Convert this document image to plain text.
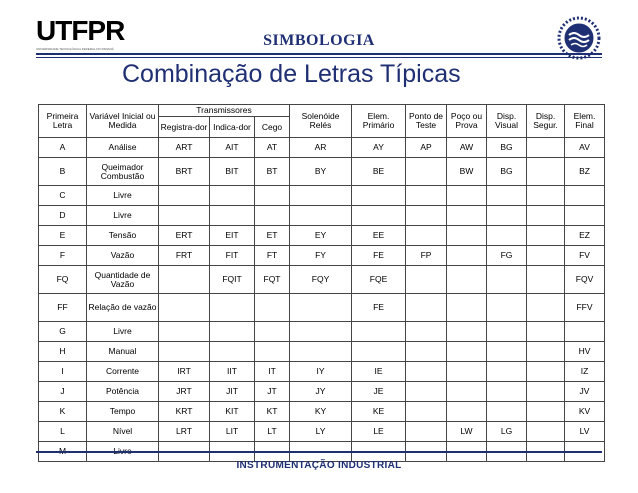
UTFPR
UNIVERSIDADE TECNOLÓGICA FEDERAL DO PARANÁ	SIMBOLOGIA
Combinação de Letras Típicas
Primeira Letra	Variável Inicial ou Medida	Transmissores			Solenóide Relés	Elem. Primário	Ponto de Teste	Poço ou Prova	Disp. Visual	Disp. Segur.	Elem. Final
		Registra-dor	Indica-dor	Cego							
A	Análise	ART	AIT	AT	AR	AY	AP	AW	BG		AV
B	Queimador Combustão	BRT	BIT	BT	BY	BE		BW	BG		BZ
C	Livre										
D	Livre										
E	Tensão	ERT	EIT	ET	EY	EE					EZ
F	Vazão	FRT	FIT	FT	FY	FE	FP		FG		FV
FQ	Quantidade de Vazão		FQIT	FQT	FQY	FQE					FQV
FF	Relação de vazão					FE					FFV
G	Livre										
H	Manual										HV
I	Corrente	IRT	IIT	IT	IY	IE					IZ
J	Potência	JRT	JIT	JT	JY	JE					JV
K	Tempo	KRT	KIT	KT	KY	KE					KV
L	Nível	LRT	LIT	LT	LY	LE		LW	LG		LV

INSTRUMENTAÇÃO INDUSTRIAL
